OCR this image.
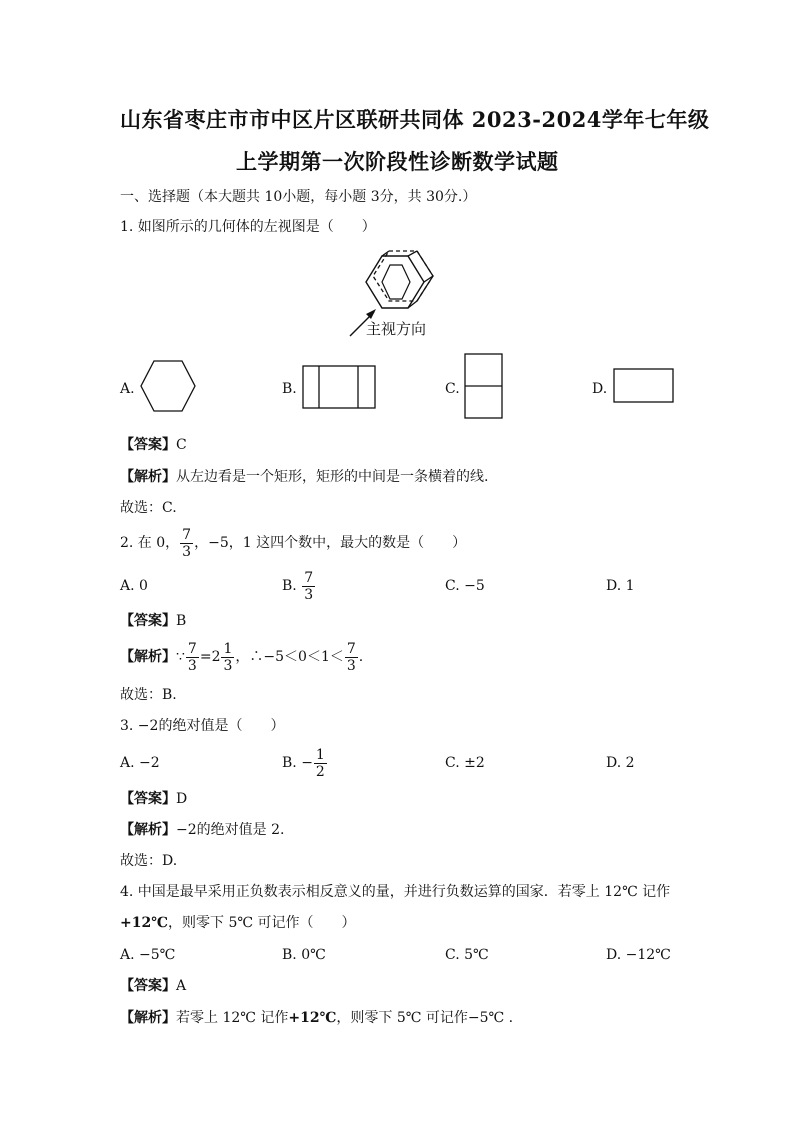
山东省枣庄市市中区片区联研共同体 2023-2024学年七年级
上学期第一次阶段性诊断数学试题
一、选择题（本大题共 10小题，每小题 3分，共 30分.）
1. 如图所示的几何体的左视图是（　　）
主视方向
A.	B.	C.	D.
【答案】C
【解析】从左边看是一个矩形，矩形的中间是一条横着的线.
故选：C.
2. 在 0， $\frac{7}{3}$ ，−5，1 这四个数中，最大的数是（　　）
A. 0	B.
$\frac{7}{3}$	C. −5	D. 1
【答案】B
【解析】 ∵ $\frac{7}{3} =2 \frac{1}{3}$ ，∴−5＜0＜1＜ $\frac{7}{3}$ .
故选：B.
3. −2的绝对值是（　　）
A. −2	B. − $\frac{1}{2}$	C. ±2	D. 2
【答案】D
【解析】−2的绝对值是 2.
故选：D.
4. 中国是最早采用正负数表示相反意义的量，并进行负数运算的国家．若零上 12℃ 记作
+12℃，则零下 5℃ 可记作（　　）
A. −5℃	B. 0℃	C. 5℃	D. −12℃
【答案】A
【解析】若零上 12℃ 记作+12℃，则零下 5℃ 可记作−5℃ .
